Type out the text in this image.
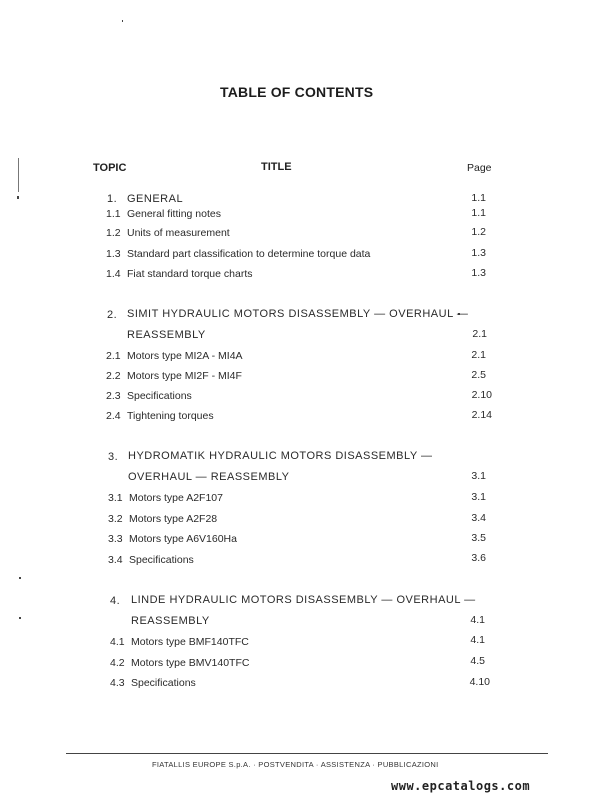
TABLE OF CONTENTS
TOPIC	TITLE	Page
1. GENERAL	1.1
1.1 General fitting notes	1.1
1.2 Units of measurement	1.2
1.3 Standard part classification to determine torque data	1.3
1.4 Fiat standard torque charts	1.3
2. SIMIT HYDRAULIC MOTORS DISASSEMBLY — OVERHAUL —
REASSEMBLY	2.1
2.1 Motors type MI2A - MI4A	2.1
2.2 Motors type MI2F - MI4F	2.5
2.3 Specifications	2.10
2.4 Tightening torques	2.14
3. HYDROMATIK HYDRAULIC MOTORS DISASSEMBLY —
OVERHAUL — REASSEMBLY	3.1
3.1 Motors type A2F107	3.1
3.2 Motors type A2F28	3.4
3.3 Motors type A6V160Ha	3.5
3.4 Specifications	3.6
4. LINDE HYDRAULIC MOTORS DISASSEMBLY — OVERHAUL —
REASSEMBLY	4.1
4.1 Motors type BMF140TFC	4.1
4.2 Motors type BMV140TFC	4.5
4.3 Specifications	4.10
FIATALLIS EUROPE S.p.A. · POSTVENDITA · ASSISTENZA · PUBBLICAZIONI
www.epcatalogs.com
